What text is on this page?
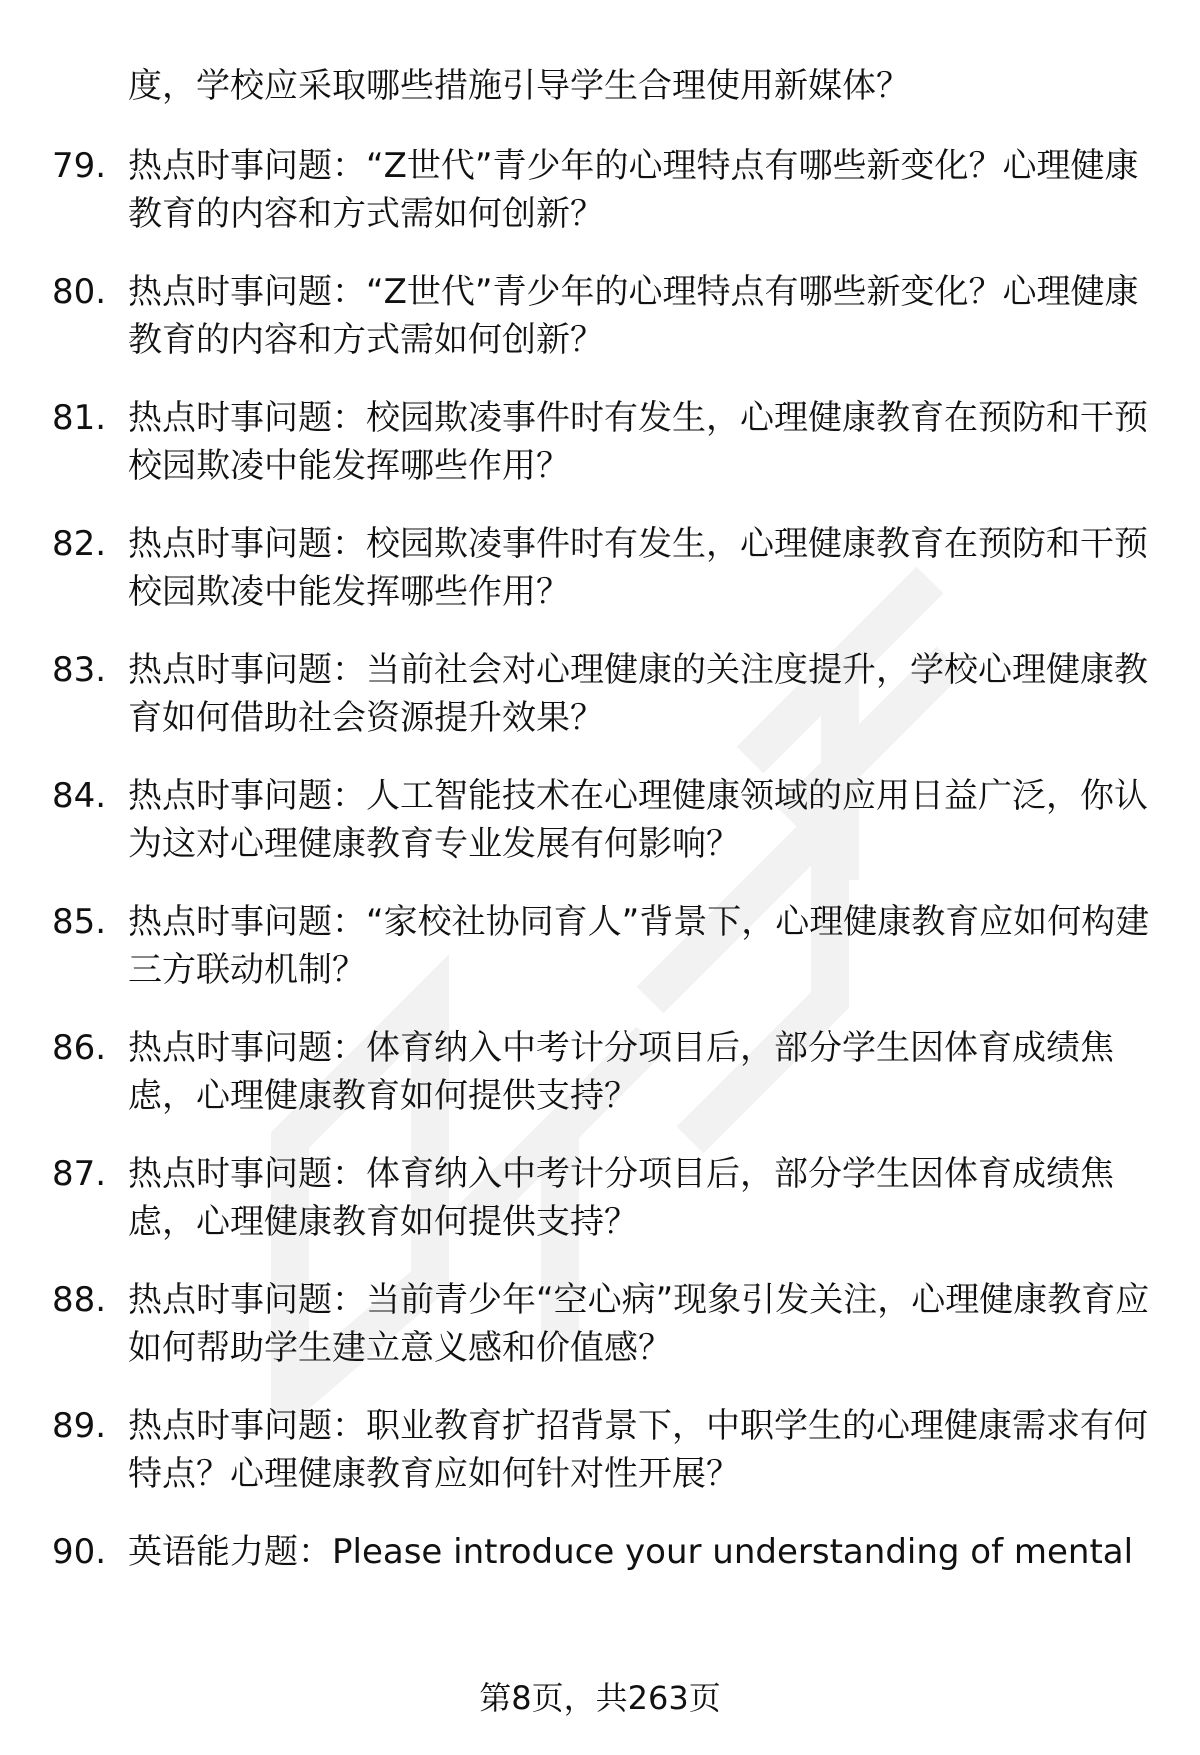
度，学校应采取哪些措施引导学生合理使用新媒体？
79. 热点时事问题：“Z世代”青少年的心理特点有哪些新变化？心理健康教育的内容和方式需如何创新？
80. 热点时事问题：“Z世代”青少年的心理特点有哪些新变化？心理健康教育的内容和方式需如何创新？
81. 热点时事问题：校园欺凌事件时有发生，心理健康教育在预防和干预校园欺凌中能发挥哪些作用？
82. 热点时事问题：校园欺凌事件时有发生，心理健康教育在预防和干预校园欺凌中能发挥哪些作用？
83. 热点时事问题：当前社会对心理健康的关注度提升，学校心理健康教育如何借助社会资源提升效果？
84. 热点时事问题：人工智能技术在心理健康领域的应用日益广泛，你认为这对心理健康教育专业发展有何影响？
85. 热点时事问题：“家校社协同育人”背景下，心理健康教育应如何构建三方联动机制？
86. 热点时事问题：体育纳入中考计分项目后，部分学生因体育成绩焦虑，心理健康教育如何提供支持？
87. 热点时事问题：体育纳入中考计分项目后，部分学生因体育成绩焦虑，心理健康教育如何提供支持？
88. 热点时事问题：当前青少年“空心病”现象引发关注，心理健康教育应如何帮助学生建立意义感和价值感？
89. 热点时事问题：职业教育扩招背景下，中职学生的心理健康需求有何特点？心理健康教育应如何针对性开展？
90. 英语能力题：Please introduce your understanding of mental
第8页，共263页
